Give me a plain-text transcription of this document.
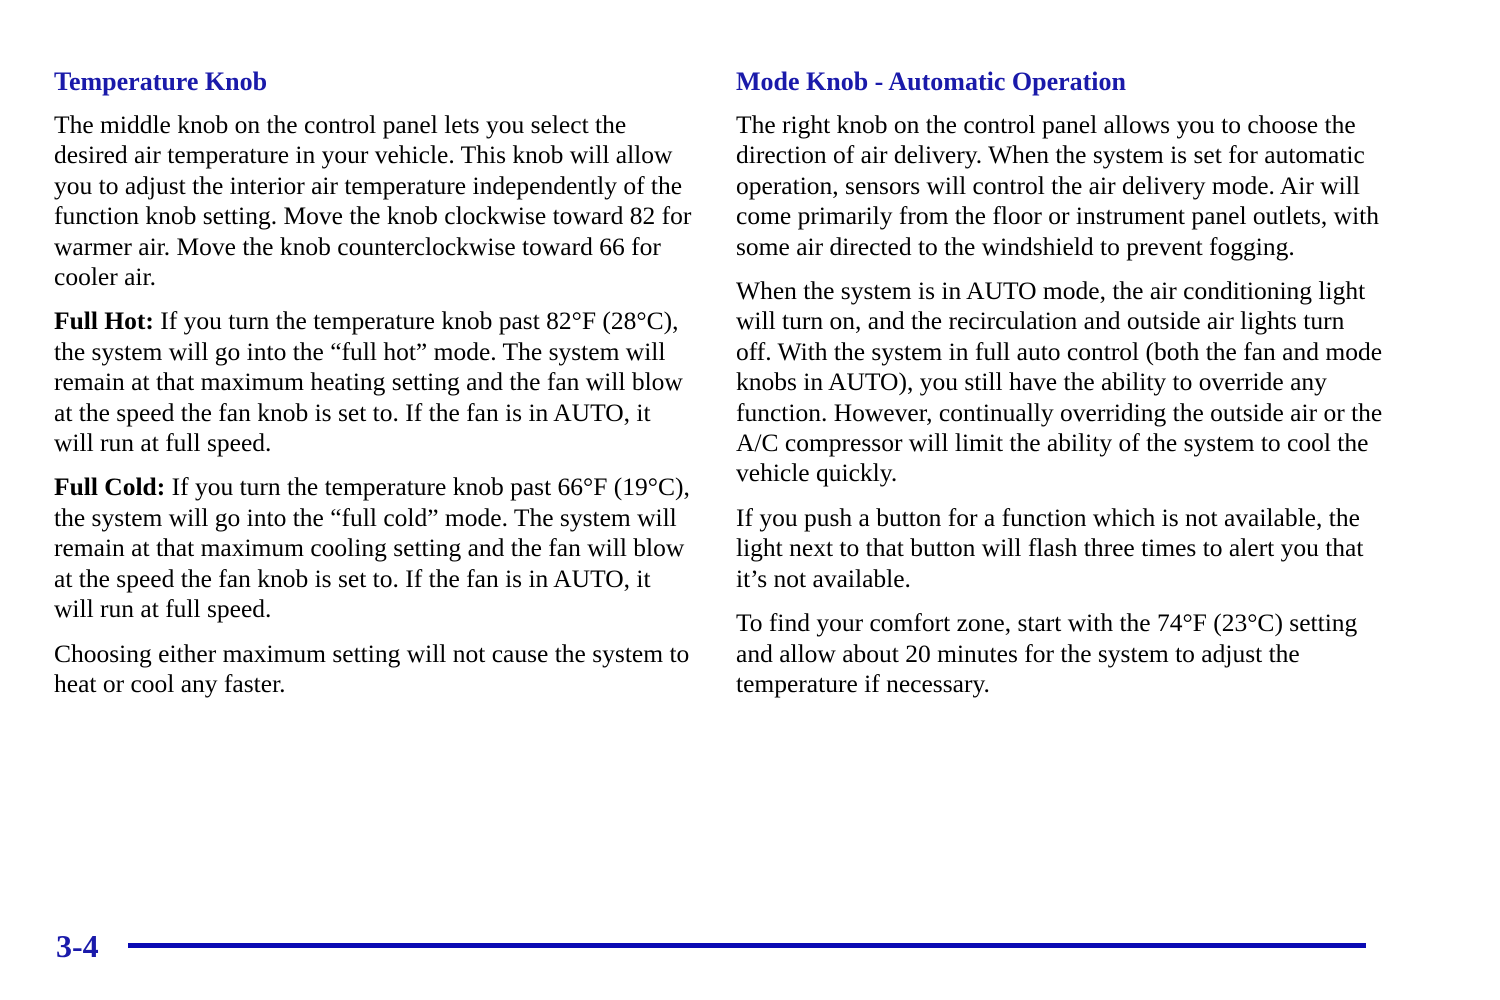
Temperature Knob

The middle knob on the control panel lets you select the desired air temperature in your vehicle. This knob will allow you to adjust the interior air temperature independently of the function knob setting. Move the knob clockwise toward 82 for warmer air. Move the knob counterclockwise toward 66 for cooler air.

Full Hot: If you turn the temperature knob past 82°F (28°C), the system will go into the “full hot” mode. The system will remain at that maximum heating setting and the fan will blow at the speed the fan knob is set to. If the fan is in AUTO, it will run at full speed.

Full Cold: If you turn the temperature knob past 66°F (19°C), the system will go into the “full cold” mode. The system will remain at that maximum cooling setting and the fan will blow at the speed the fan knob is set to. If the fan is in AUTO, it will run at full speed.

Choosing either maximum setting will not cause the system to heat or cool any faster.

Mode Knob - Automatic Operation

The right knob on the control panel allows you to choose the direction of air delivery. When the system is set for automatic operation, sensors will control the air delivery mode. Air will come primarily from the floor or instrument panel outlets, with some air directed to the windshield to prevent fogging.

When the system is in AUTO mode, the air conditioning light will turn on, and the recirculation and outside air lights turn off. With the system in full auto control (both the fan and mode knobs in AUTO), you still have the ability to override any function. However, continually overriding the outside air or the A/C compressor will limit the ability of the system to cool the vehicle quickly.

If you push a button for a function which is not available, the light next to that button will flash three times to alert you that it’s not available.

To find your comfort zone, start with the 74°F (23°C) setting and allow about 20 minutes for the system to adjust the temperature if necessary.

3-4
